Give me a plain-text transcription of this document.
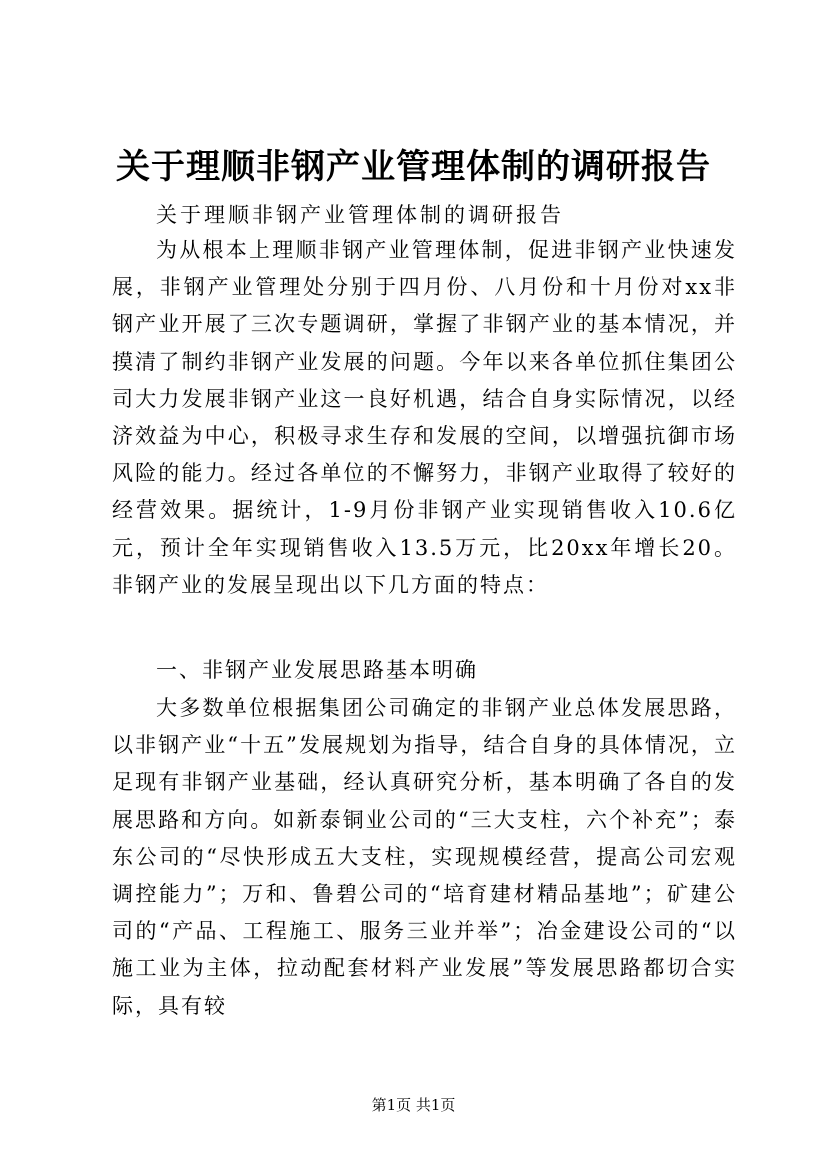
关于理顺非钢产业管理体制的调研报告
关于理顺非钢产业管理体制的调研报告

为从根本上理顺非钢产业管理体制，促进非钢产业快速发展，非钢产业管理处分别于四月份、八月份和十月份对xx非钢产业开展了三次专题调研，掌握了非钢产业的基本情况，并摸清了制约非钢产业发展的问题。今年以来各单位抓住集团公司大力发展非钢产业这一良好机遇，结合自身实际情况，以经济效益为中心，积极寻求生存和发展的空间，以增强抗御市场风险的能力。经过各单位的不懈努力，非钢产业取得了较好的经营效果。据统计，1-9月份非钢产业实现销售收入10.6亿元，预计全年实现销售收入13.5万元，比20xx年增长20。非钢产业的发展呈现出以下几方面的特点：

一、非钢产业发展思路基本明确

大多数单位根据集团公司确定的非钢产业总体发展思路，以非钢产业“十五”发展规划为指导，结合自身的具体情况，立足现有非钢产业基础，经认真研究分析，基本明确了各自的发展思路和方向。如新泰铜业公司的“三大支柱，六个补充”；泰东公司的“尽快形成五大支柱，实现规模经营，提高公司宏观调控能力”；万和、鲁碧公司的“培育建材精品基地”；矿建公司的“产品、工程施工、服务三业并举”；冶金建设公司的“以施工业为主体，拉动配套材料产业发展”等发展思路都切合实际，具有较

第1页 共1页
